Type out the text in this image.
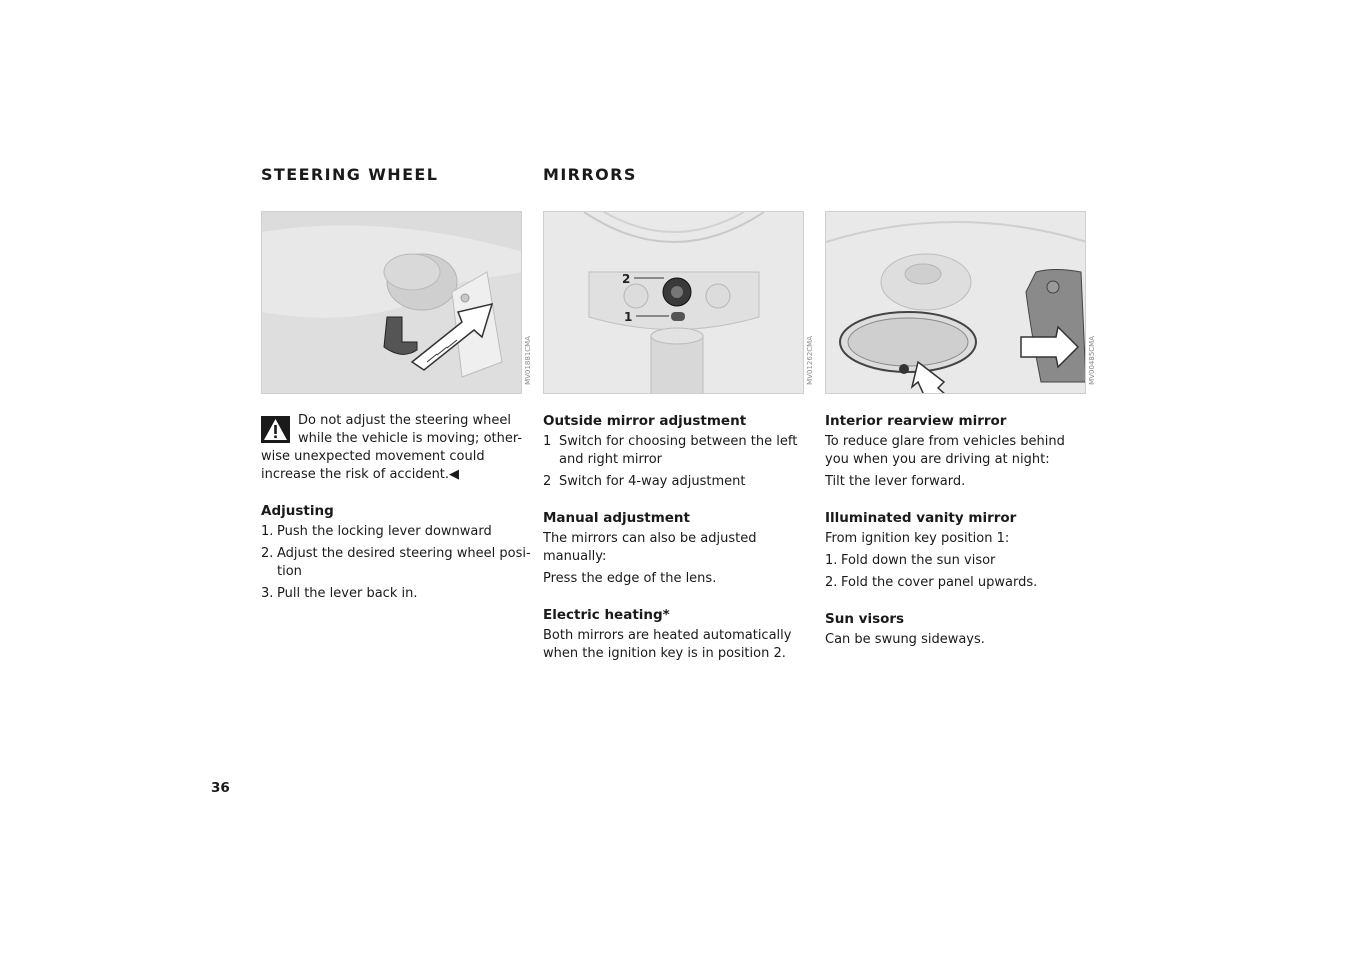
STEERING WHEEL	MIRRORS
MV01881CMA
2
1
MV01262CMA	MV00485CMA

Do not adjust the steering wheel while the vehicle is moving; other-wise unexpected movement could increase the risk of accident.◀

Adjusting
1. Push the locking lever downward
2. Adjust the desired steering wheel posi-tion
3. Pull the lever back in.
Outside mirror adjustment
1 Switch for choosing between the left and right mirror
2 Switch for 4-way adjustment
Manual adjustment

The mirrors can also be adjusted manually:

Press the edge of the lens.

Electric heating*

Both mirrors are heated automatically when the ignition key is in position 2.

Interior rearview mirror

To reduce glare from vehicles behind you when you are driving at night:

Tilt the lever forward.

Illuminated vanity mirror

From ignition key position 1:

1. Fold down the sun visor
2. Fold the cover panel upwards.
Sun visors

Can be swung sideways.

36
